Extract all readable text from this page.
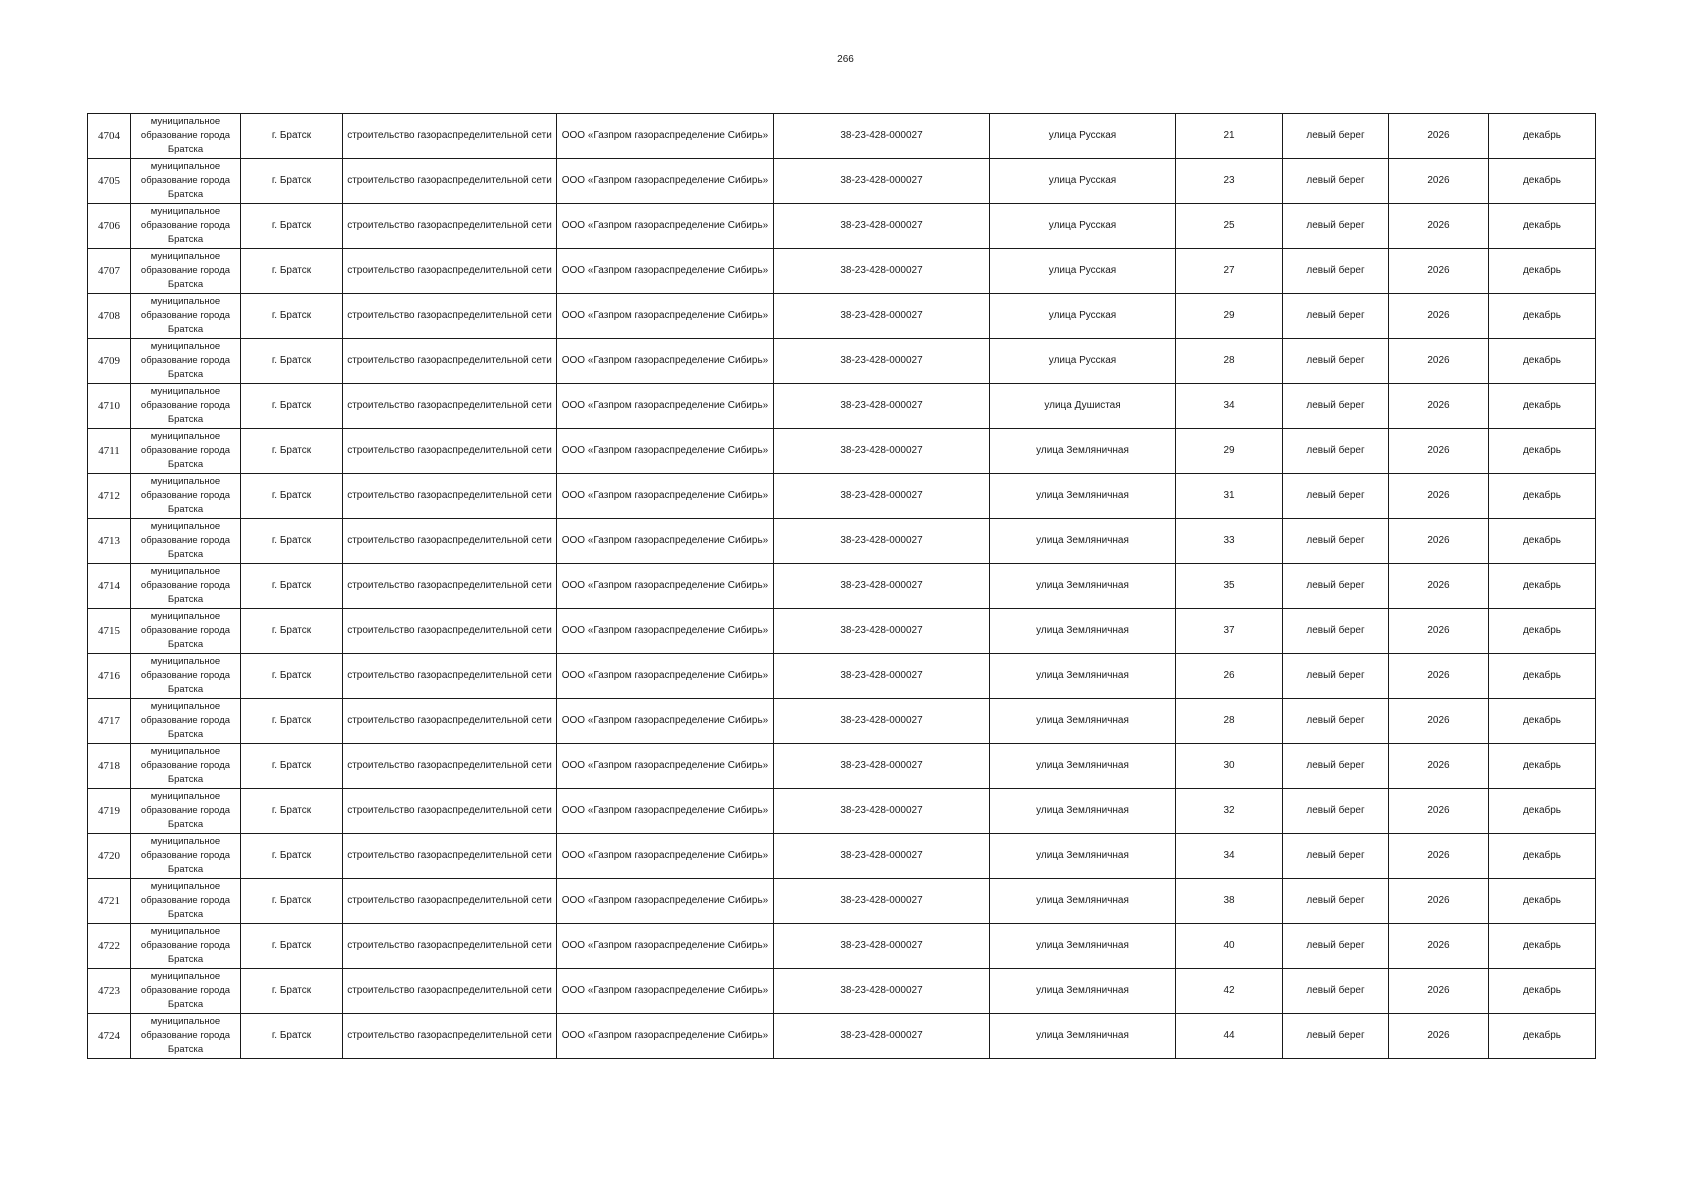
266
4704	муниципальное образование города Братска	г. Братск	строительство газораспределительной сети	ООО «Газпром газораспределение Сибирь»	38-23-428-000027	улица Русская	21	левый берег	2026	декабрь
4705	муниципальное образование города Братска	г. Братск	строительство газораспределительной сети	ООО «Газпром газораспределение Сибирь»	38-23-428-000027	улица Русская	23	левый берег	2026	декабрь
4706	муниципальное образование города Братска	г. Братск	строительство газораспределительной сети	ООО «Газпром газораспределение Сибирь»	38-23-428-000027	улица Русская	25	левый берег	2026	декабрь
4707	муниципальное образование города Братска	г. Братск	строительство газораспределительной сети	ООО «Газпром газораспределение Сибирь»	38-23-428-000027	улица Русская	27	левый берег	2026	декабрь
4708	муниципальное образование города Братска	г. Братск	строительство газораспределительной сети	ООО «Газпром газораспределение Сибирь»	38-23-428-000027	улица Русская	29	левый берег	2026	декабрь
4709	муниципальное образование города Братска	г. Братск	строительство газораспределительной сети	ООО «Газпром газораспределение Сибирь»	38-23-428-000027	улица Русская	28	левый берег	2026	декабрь
4710	муниципальное образование города Братска	г. Братск	строительство газораспределительной сети	ООО «Газпром газораспределение Сибирь»	38-23-428-000027	улица Душистая	34	левый берег	2026	декабрь
4711	муниципальное образование города Братска	г. Братск	строительство газораспределительной сети	ООО «Газпром газораспределение Сибирь»	38-23-428-000027	улица Земляничная	29	левый берег	2026	декабрь
4712	муниципальное образование города Братска	г. Братск	строительство газораспределительной сети	ООО «Газпром газораспределение Сибирь»	38-23-428-000027	улица Земляничная	31	левый берег	2026	декабрь
4713	муниципальное образование города Братска	г. Братск	строительство газораспределительной сети	ООО «Газпром газораспределение Сибирь»	38-23-428-000027	улица Земляничная	33	левый берег	2026	декабрь
4714	муниципальное образование города Братска	г. Братск	строительство газораспределительной сети	ООО «Газпром газораспределение Сибирь»	38-23-428-000027	улица Земляничная	35	левый берег	2026	декабрь
4715	муниципальное образование города Братска	г. Братск	строительство газораспределительной сети	ООО «Газпром газораспределение Сибирь»	38-23-428-000027	улица Земляничная	37	левый берег	2026	декабрь
4716	муниципальное образование города Братска	г. Братск	строительство газораспределительной сети	ООО «Газпром газораспределение Сибирь»	38-23-428-000027	улица Земляничная	26	левый берег	2026	декабрь
4717	муниципальное образование города Братска	г. Братск	строительство газораспределительной сети	ООО «Газпром газораспределение Сибирь»	38-23-428-000027	улица Земляничная	28	левый берег	2026	декабрь
4718	муниципальное образование города Братска	г. Братск	строительство газораспределительной сети	ООО «Газпром газораспределение Сибирь»	38-23-428-000027	улица Земляничная	30	левый берег	2026	декабрь
4719	муниципальное образование города Братска	г. Братск	строительство газораспределительной сети	ООО «Газпром газораспределение Сибирь»	38-23-428-000027	улица Земляничная	32	левый берег	2026	декабрь
4720	муниципальное образование города Братска	г. Братск	строительство газораспределительной сети	ООО «Газпром газораспределение Сибирь»	38-23-428-000027	улица Земляничная	34	левый берег	2026	декабрь
4721	муниципальное образование города Братска	г. Братск	строительство газораспределительной сети	ООО «Газпром газораспределение Сибирь»	38-23-428-000027	улица Земляничная	38	левый берег	2026	декабрь
4722	муниципальное образование города Братска	г. Братск	строительство газораспределительной сети	ООО «Газпром газораспределение Сибирь»	38-23-428-000027	улица Земляничная	40	левый берег	2026	декабрь
4723	муниципальное образование города Братска	г. Братск	строительство газораспределительной сети	ООО «Газпром газораспределение Сибирь»	38-23-428-000027	улица Земляничная	42	левый берег	2026	декабрь
4724	муниципальное образование города Братска	г. Братск	строительство газораспределительной сети	ООО «Газпром газораспределение Сибирь»	38-23-428-000027	улица Земляничная	44	левый берег	2026	декабрь
